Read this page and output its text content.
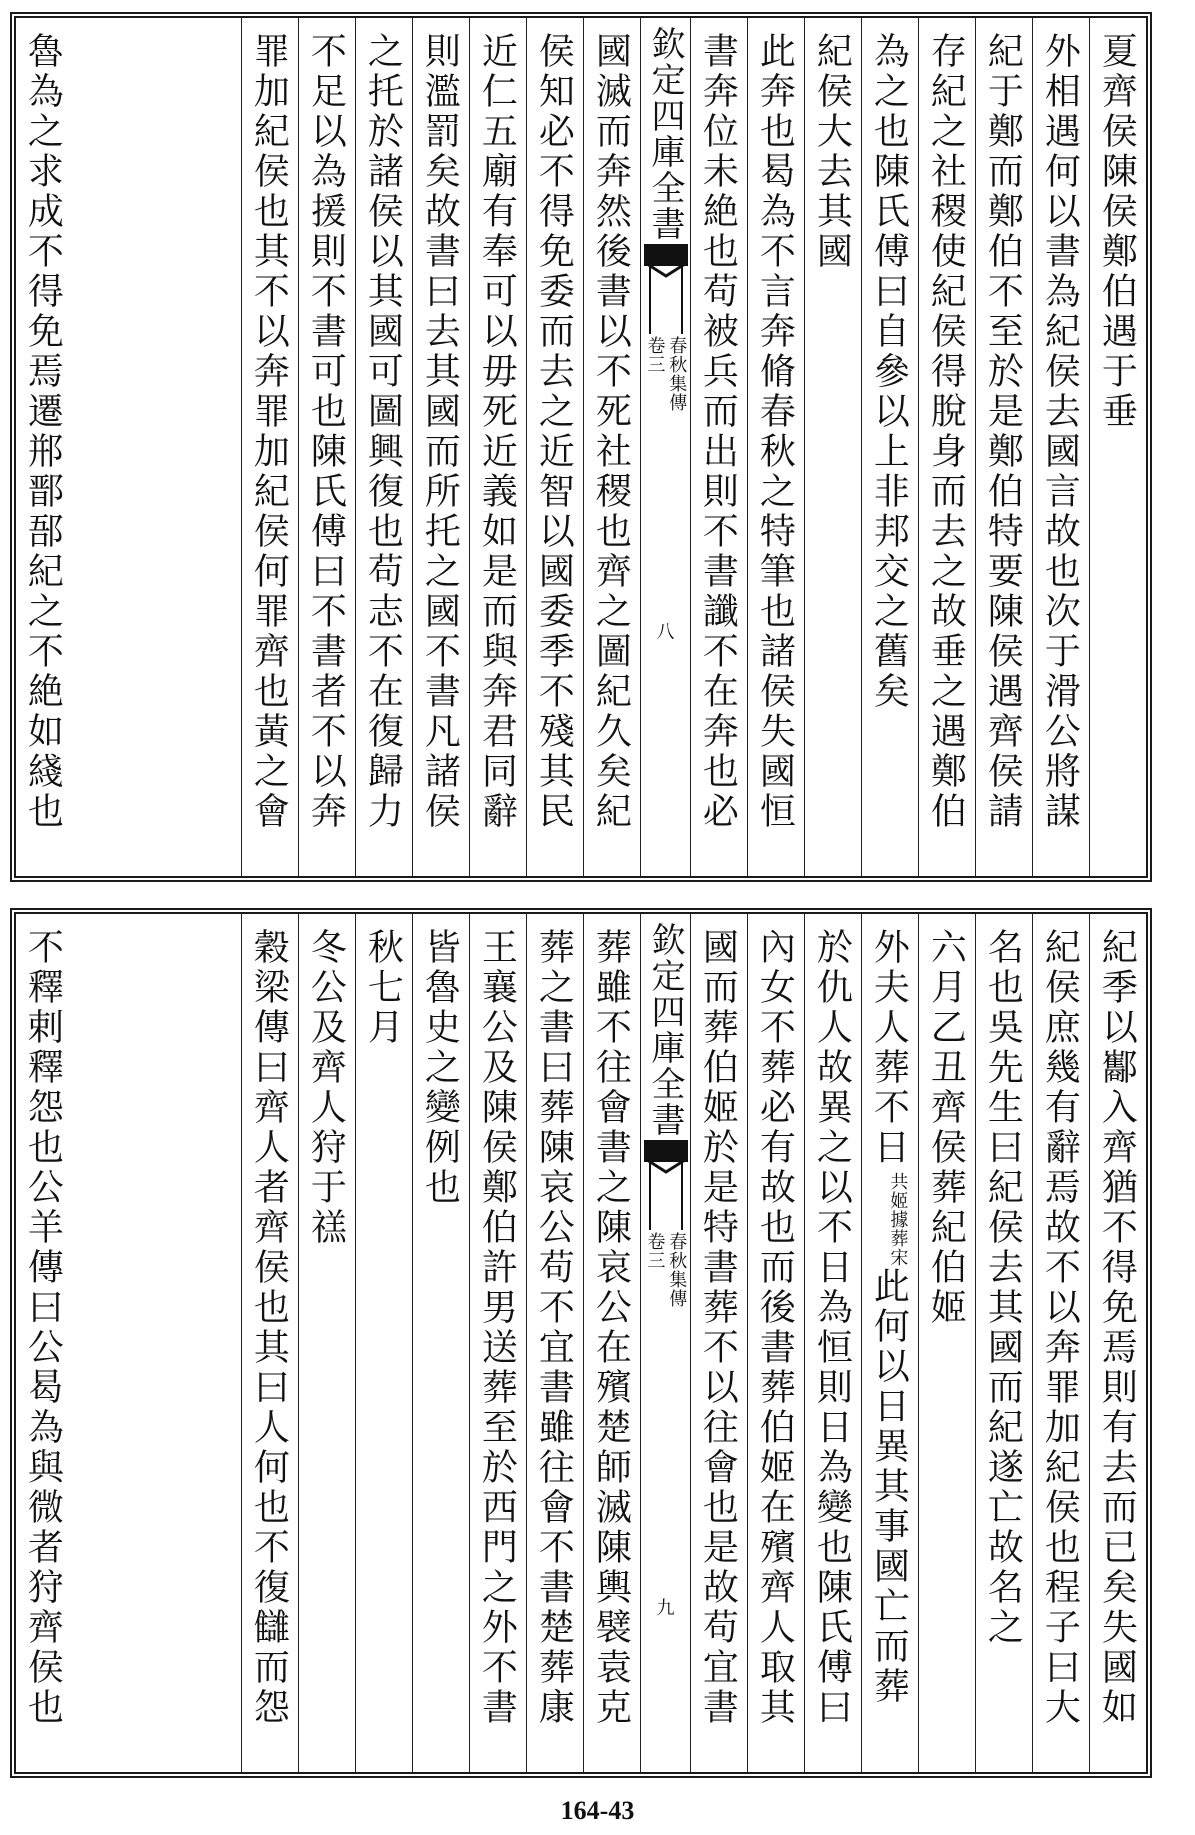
夏齊侯陳侯鄭伯遇于垂
外相遇何以書為紀侯去國言故也次于滑公將謀
紀于鄭而鄭伯不至於是鄭伯特要陳侯遇齊侯請
存紀之社稷使紀侯得脫身而去之故垂之遇鄭伯
為之也陳氏傅曰自參以上非邦交之舊矣
紀侯大去其國
此奔也曷為不言奔脩春秋之特筆也諸侯失國恒
書奔位未絶也苟被兵而出則不書讖不在奔也必
欽定四庫全書
春秋集傳
卷三
八
國滅而奔然後書以不死社稷也齊之圖紀久矣紀
侯知必不得免委而去之近智以國委季不殘其民
近仁五廟有奉可以毋死近義如是而與奔君同辭
則濫罰矣故書曰去其國而所托之國不書凡諸侯
之托於諸侯以其國可圖興復也苟志不在復歸力
不足以為援則不書可也陳氏傅曰不書者不以奔
罪加紀侯也其不以奔罪加紀侯何罪齊也黃之會
魯為之求成不得免焉遷郱鄑郚紀之不絶如綫也
紀季以酅入齊猶不得免焉則有去而已矣失國如
紀侯庶幾有辭焉故不以奔罪加紀侯也程子曰大
名也吳先生曰紀侯去其國而紀遂亡故名之
六月乙丑齊侯葬紀伯姬
外夫人葬不日
據葬宋
共姬
此何以日異其事國亡而葬
於仇人故異之以不日為恒則日為變也陳氏傅曰
內女不葬必有故也而後書葬伯姬在殯齊人取其
國而葬伯姬於是特書葬不以往會也是故苟宜書
欽定四庫全書
春秋集傳
卷三
九
葬雖不往會書之陳哀公在殯楚師滅陳輿襞袁克
葬之書曰葬陳哀公苟不宜書雖往會不書楚葬康
王襄公及陳侯鄭伯許男送葬至於西門之外不書
皆魯史之變例也
秋七月
冬公及齊人狩于禚
穀梁傳曰齊人者齊侯也其曰人何也不復讎而怨
不釋剌釋怨也公羊傳曰公曷為與微者狩齊侯也
164-43
